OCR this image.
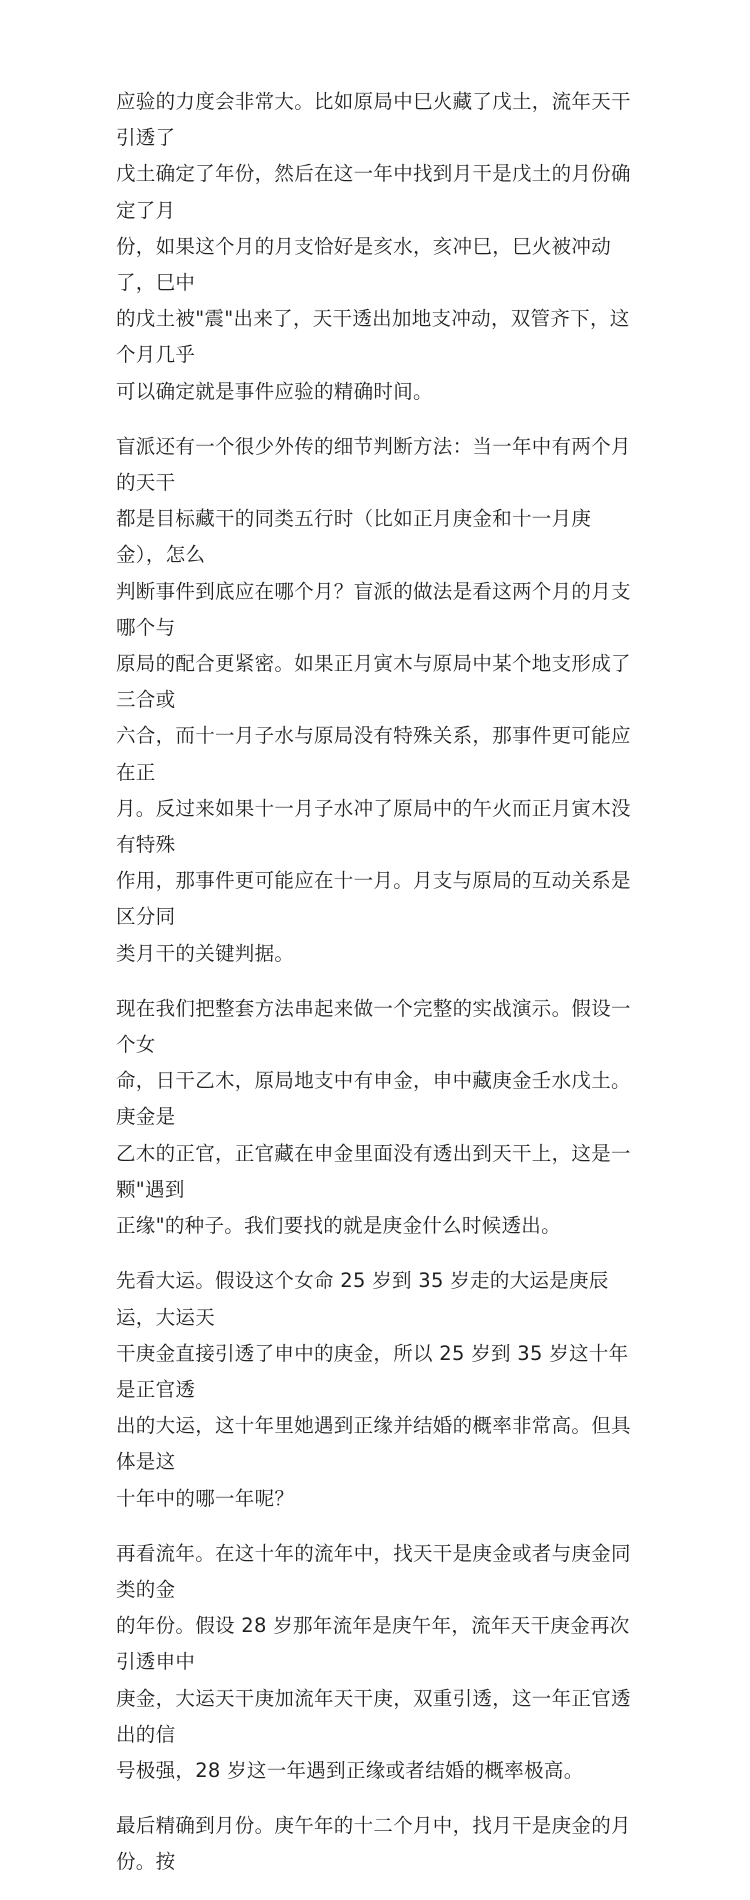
应验的力度会非常大。比如原局中巳火藏了戊土，流年天干引透了
戊土确定了年份，然后在这一年中找到月干是戊土的月份确定了月
份，如果这个月的月支恰好是亥水，亥冲巳，巳火被冲动了，巳中
的戊土被"震"出来了，天干透出加地支冲动，双管齐下，这个月几乎
可以确定就是事件应验的精确时间。

盲派还有一个很少外传的细节判断方法：当一年中有两个月的天干
都是目标藏干的同类五行时（比如正月庚金和十一月庚金），怎么
判断事件到底应在哪个月？盲派的做法是看这两个月的月支哪个与
原局的配合更紧密。如果正月寅木与原局中某个地支形成了三合或
六合，而十一月子水与原局没有特殊关系，那事件更可能应在正
月。反过来如果十一月子水冲了原局中的午火而正月寅木没有特殊
作用，那事件更可能应在十一月。月支与原局的互动关系是区分同
类月干的关键判据。

现在我们把整套方法串起来做一个完整的实战演示。假设一个女
命，日干乙木，原局地支中有申金，申中藏庚金壬水戊土。庚金是
乙木的正官，正官藏在申金里面没有透出到天干上，这是一颗"遇到
正缘"的种子。我们要找的就是庚金什么时候透出。

先看大运。假设这个女命 25 岁到 35 岁走的大运是庚辰运，大运天
干庚金直接引透了申中的庚金，所以 25 岁到 35 岁这十年是正官透
出的大运，这十年里她遇到正缘并结婚的概率非常高。但具体是这
十年中的哪一年呢？

再看流年。在这十年的流年中，找天干是庚金或者与庚金同类的金
的年份。假设 28 岁那年流年是庚午年，流年天干庚金再次引透申中
庚金，大运天干庚加流年天干庚，双重引透，这一年正官透出的信
号极强，28 岁这一年遇到正缘或者结婚的概率极高。

最后精确到月份。庚午年的十二个月中，找月干是庚金的月份。按
